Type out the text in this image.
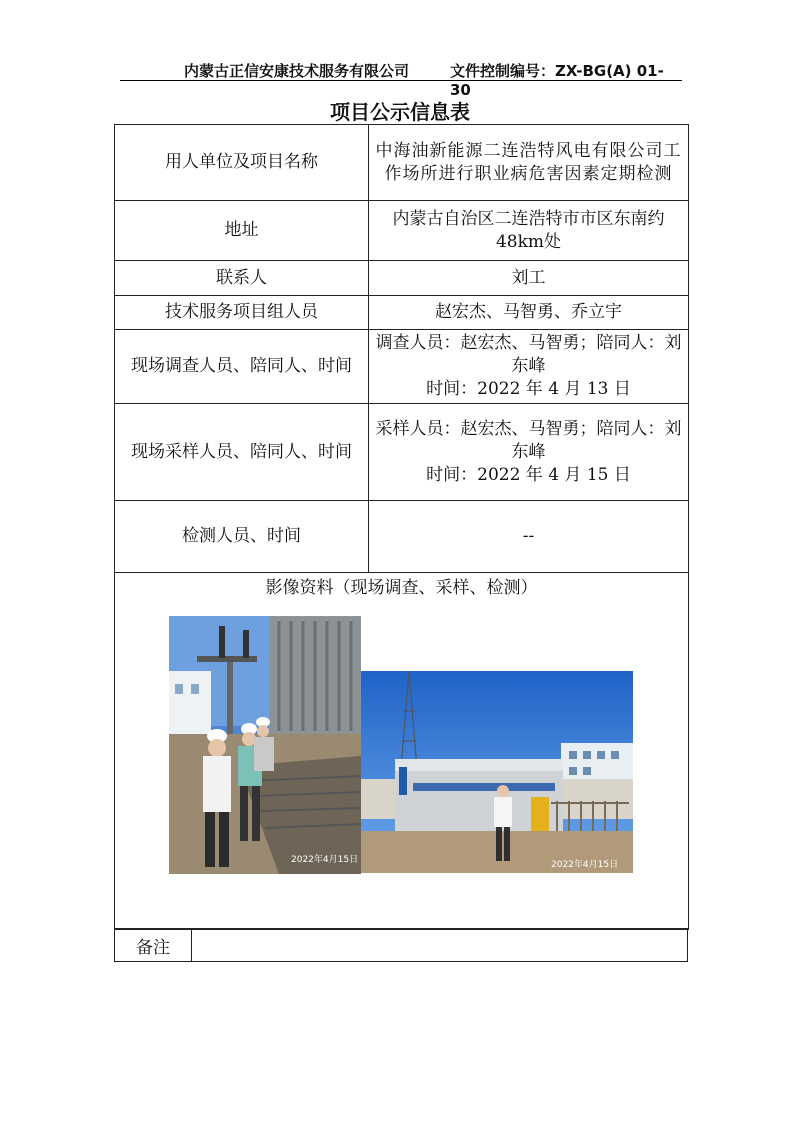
内蒙古正信安康技术服务有限公司	文件控制编号：ZX-BG(A) 01-30
项目公示信息表
用人单位及项目名称	中海油新能源二连浩特风电有限公司工作场所进行职业病危害因素定期检测
地址	内蒙古自治区二连浩特市市区东南约48km处
联系人	刘工
技术服务项目组人员	赵宏杰、马智勇、乔立宇
现场调查人员、陪同人、时间	调查人员：赵宏杰、马智勇；陪同人：刘东峰
时间：2022 年 4 月 13 日

现场采样人员、陪同人、时间	采样人员：赵宏杰、马智勇；陪同人：刘东峰
时间：2022 年 4 月 15 日

检测人员、时间	--

影像资料（现场调查、采样、检测）
2022年4月15日 2022年4月15日	
备注	
